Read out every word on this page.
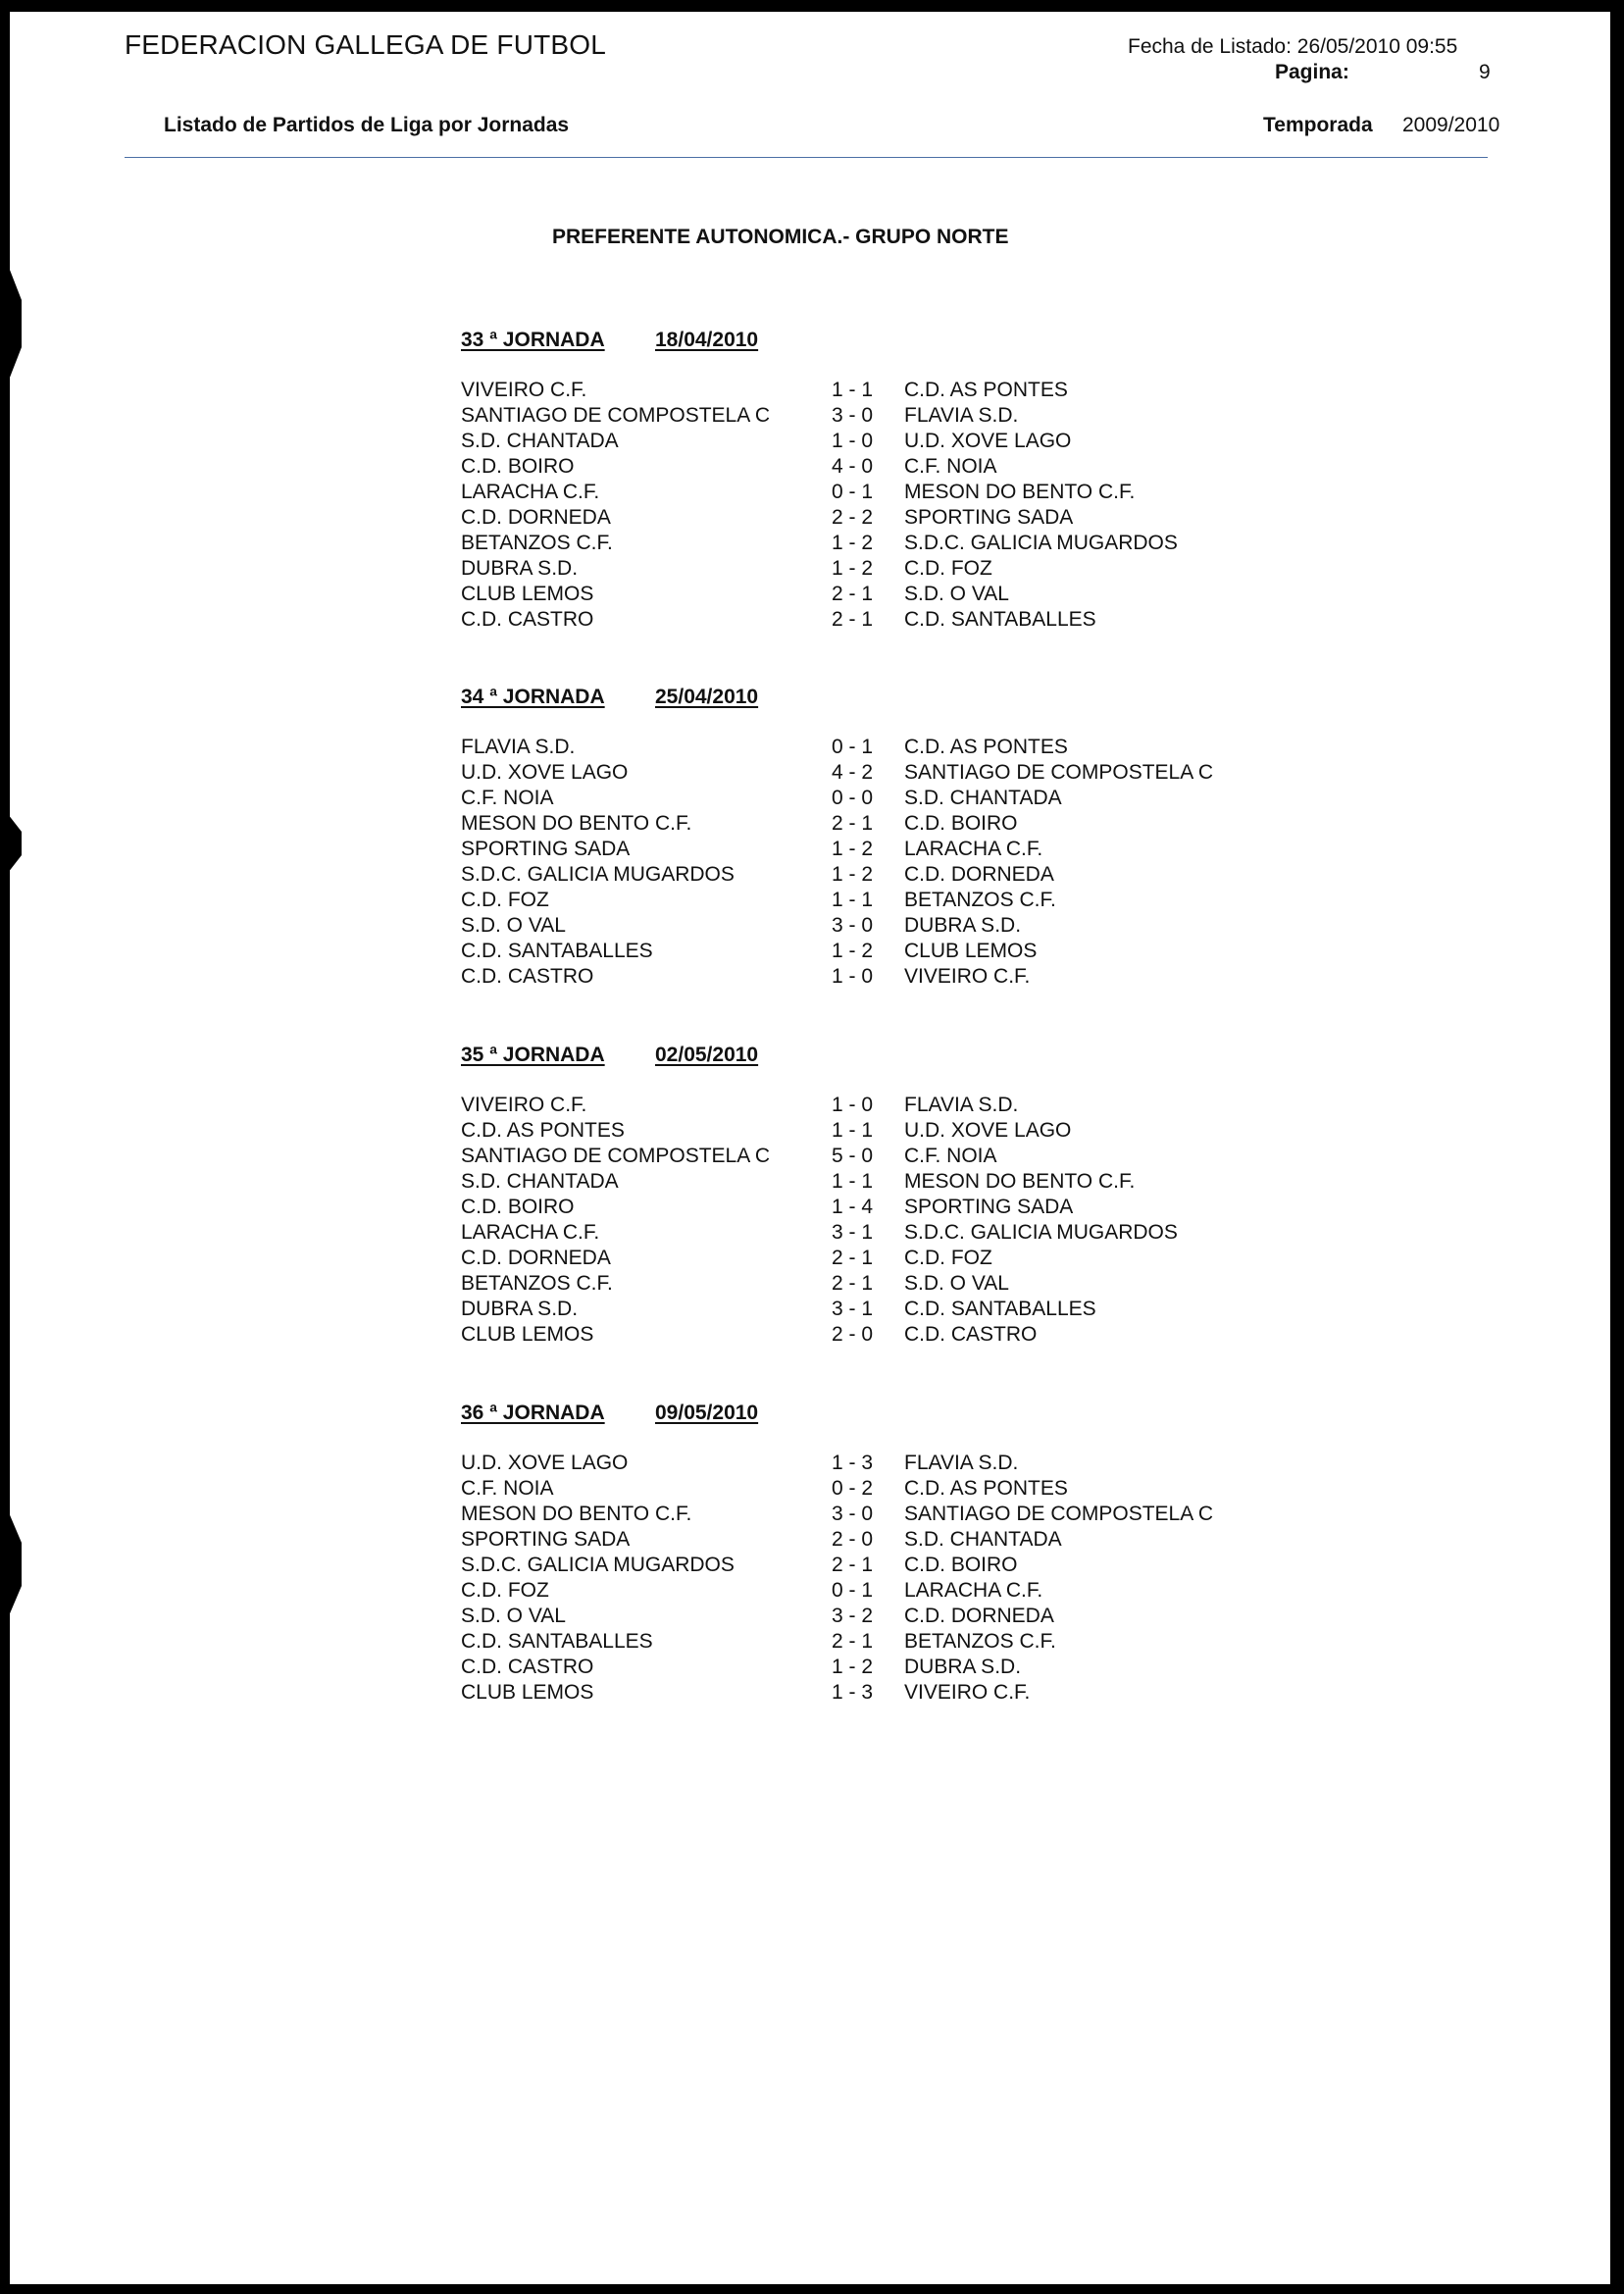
FEDERACION GALLEGA DE FUTBOL	Fecha de Listado: 26/05/2010 09:55
Pagina:	9
Listado de Partidos de Liga por Jornadas	Temporada 2009/2010
PREFERENTE AUTONOMICA.- GRUPO NORTE
33 ª JORNADA 18/04/2010
VIVEIRO C.F.	1 - 1 C.D. AS PONTES
SANTIAGO DE COMPOSTELA C	3 - 0 FLAVIA S.D.
S.D. CHANTADA	1 - 0 U.D. XOVE LAGO
C.D. BOIRO	4 - 0 C.F. NOIA
LARACHA C.F.	0 - 1 MESON DO BENTO C.F.
C.D. DORNEDA	2 - 2 SPORTING SADA
BETANZOS C.F.	1 - 2 S.D.C. GALICIA MUGARDOS
DUBRA S.D.	1 - 2 C.D. FOZ
CLUB LEMOS	2 - 1 S.D. O VAL
C.D. CASTRO	2 - 1 C.D. SANTABALLES
34 ª JORNADA 25/04/2010
FLAVIA S.D.	0 - 1 C.D. AS PONTES
U.D. XOVE LAGO	4 - 2 SANTIAGO DE COMPOSTELA C
C.F. NOIA	0 - 0 S.D. CHANTADA
MESON DO BENTO C.F.	2 - 1 C.D. BOIRO
SPORTING SADA	1 - 2 LARACHA C.F.
S.D.C. GALICIA MUGARDOS	1 - 2 C.D. DORNEDA
C.D. FOZ	1 - 1 BETANZOS C.F.
S.D. O VAL	3 - 0 DUBRA S.D.
C.D. SANTABALLES	1 - 2 CLUB LEMOS
C.D. CASTRO	1 - 0 VIVEIRO C.F.
35 ª JORNADA 02/05/2010
VIVEIRO C.F.	1 - 0 FLAVIA S.D.
C.D. AS PONTES	1 - 1 U.D. XOVE LAGO
SANTIAGO DE COMPOSTELA C	5 - 0 C.F. NOIA
S.D. CHANTADA	1 - 1 MESON DO BENTO C.F.
C.D. BOIRO	1 - 4 SPORTING SADA
LARACHA C.F.	3 - 1 S.D.C. GALICIA MUGARDOS
C.D. DORNEDA	2 - 1 C.D. FOZ
BETANZOS C.F.	2 - 1 S.D. O VAL
DUBRA S.D.	3 - 1 C.D. SANTABALLES
CLUB LEMOS	2 - 0 C.D. CASTRO
36 ª JORNADA 09/05/2010
U.D. XOVE LAGO	1 - 3 FLAVIA S.D.
C.F. NOIA	0 - 2 C.D. AS PONTES
MESON DO BENTO C.F.	3 - 0 SANTIAGO DE COMPOSTELA C
SPORTING SADA	2 - 0 S.D. CHANTADA
S.D.C. GALICIA MUGARDOS	2 - 1 C.D. BOIRO
C.D. FOZ	0 - 1 LARACHA C.F.
S.D. O VAL	3 - 2 C.D. DORNEDA
C.D. SANTABALLES	2 - 1 BETANZOS C.F.
C.D. CASTRO	1 - 2 DUBRA S.D.
CLUB LEMOS	1 - 3 VIVEIRO C.F.
